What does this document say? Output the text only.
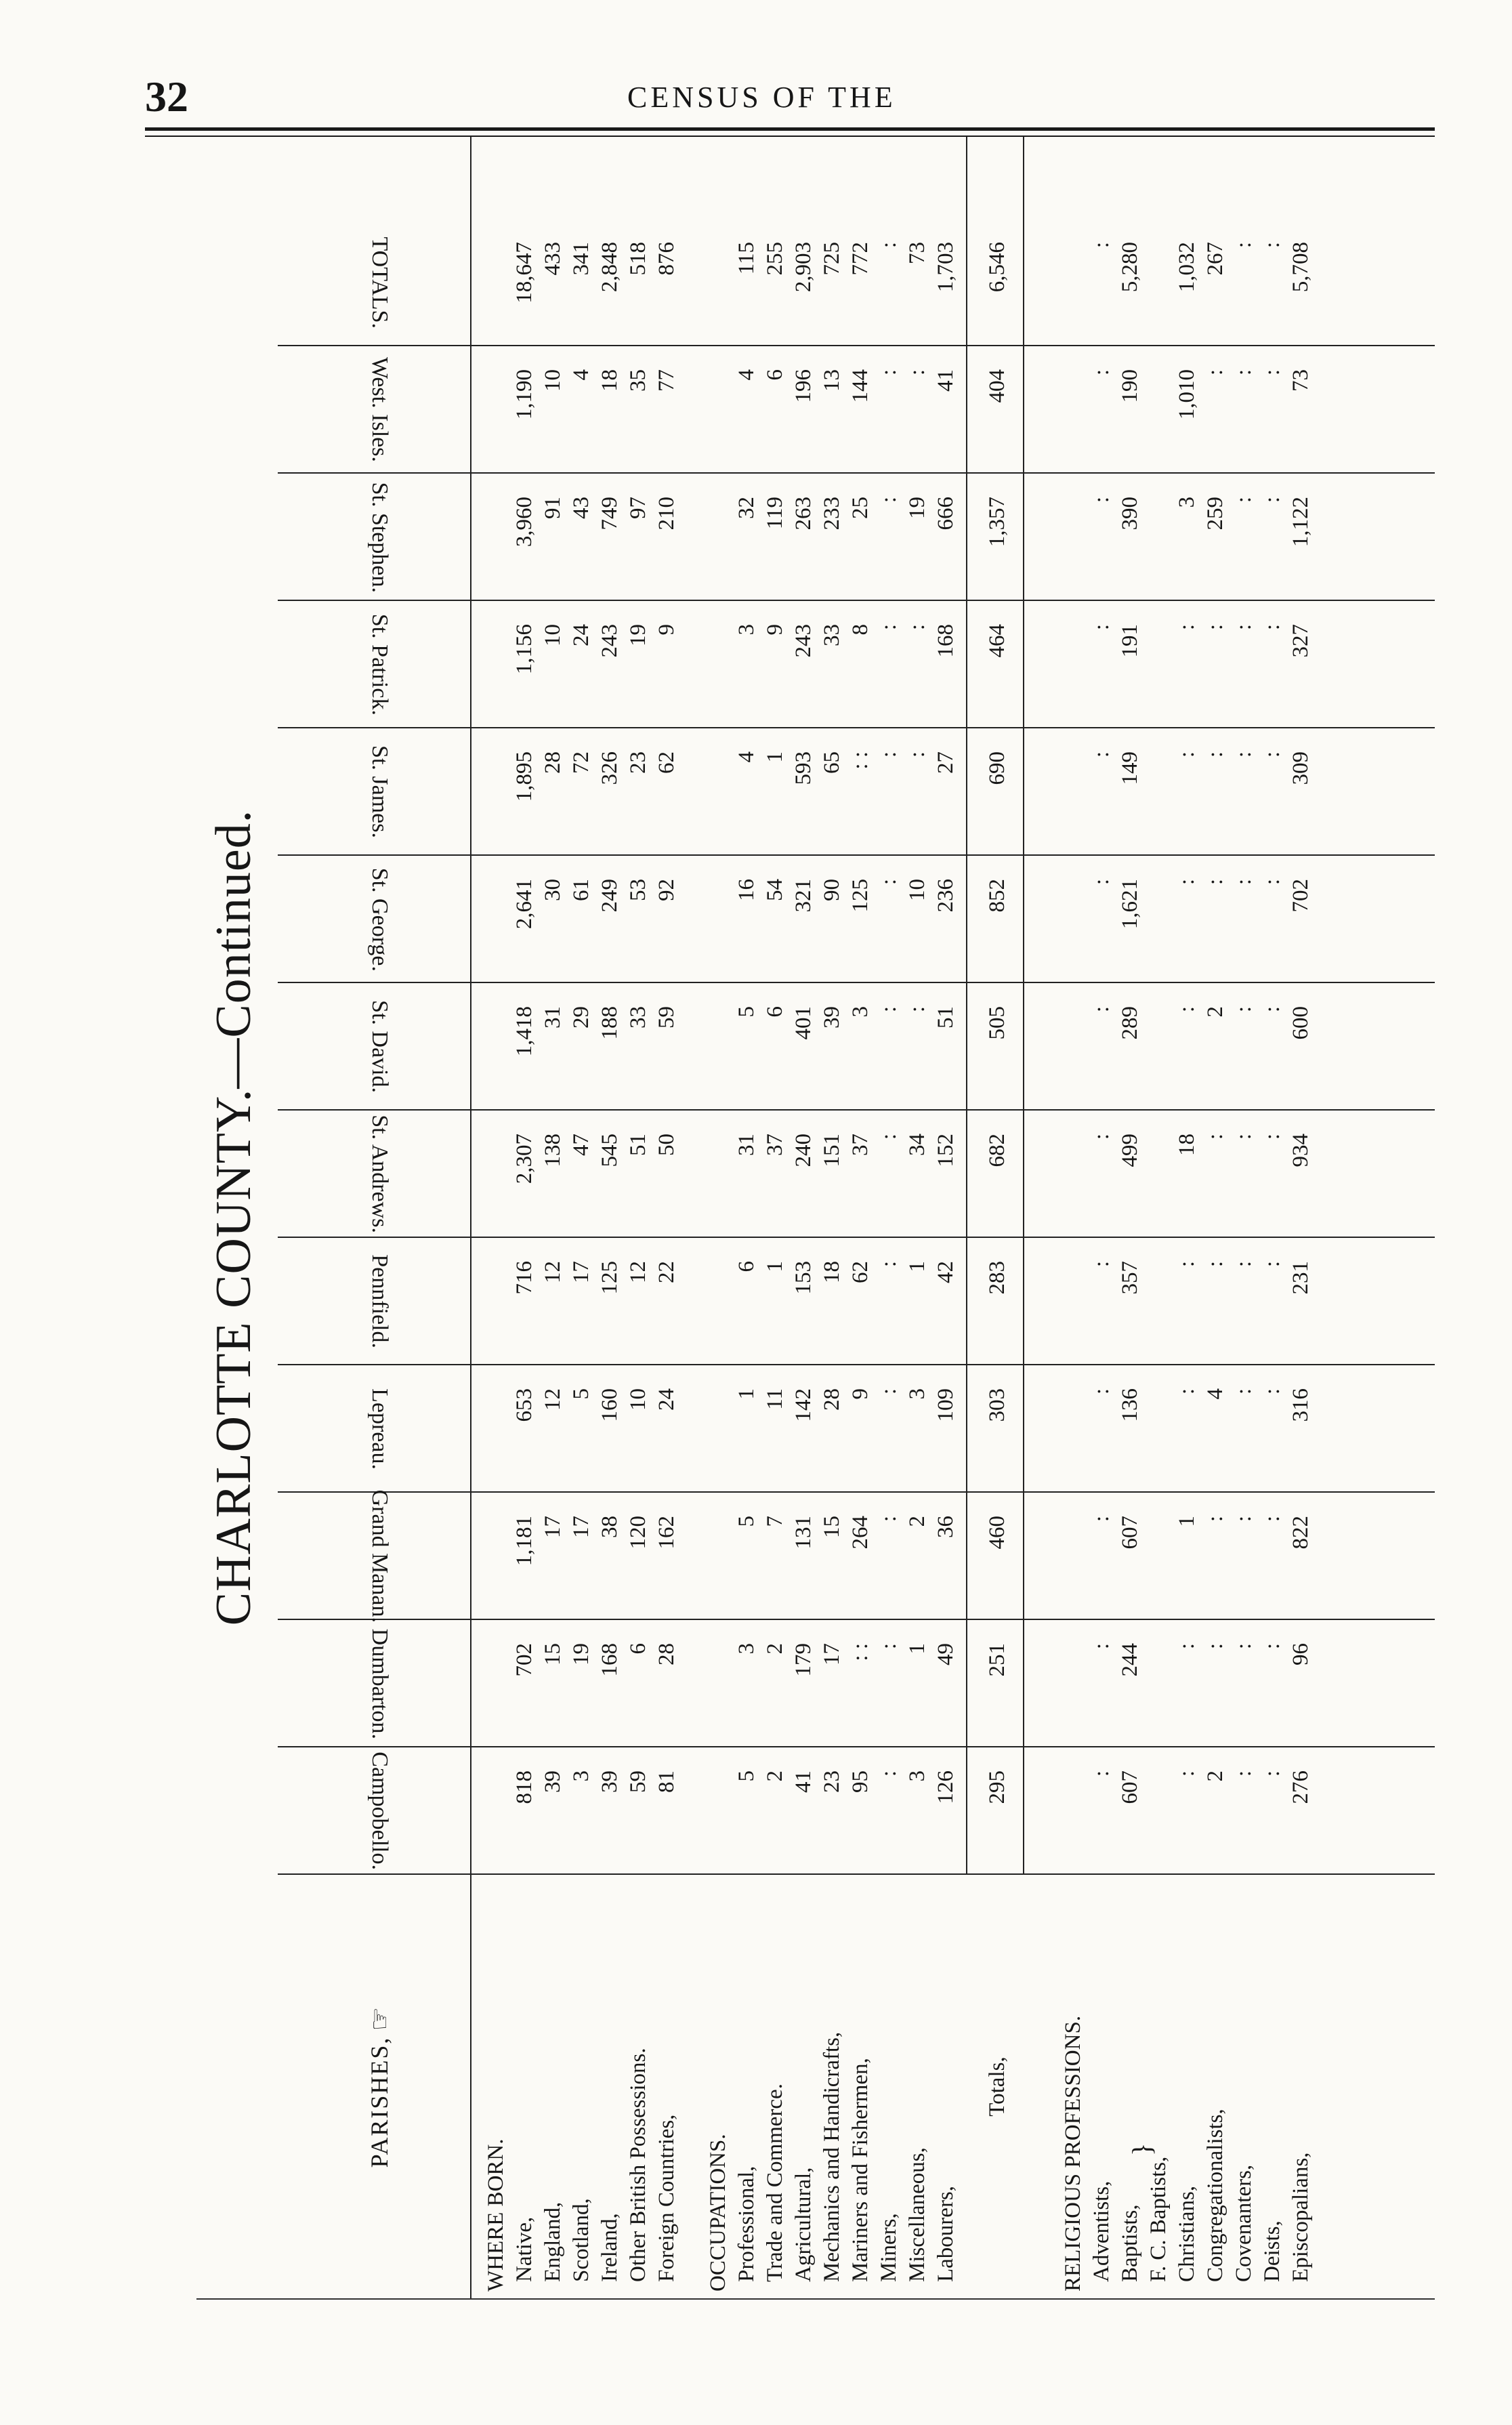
32	CENSUS OF THE
CHARLOTTE COUNTY.—Continued.
PARISHES,
☞
Campobello.
Dumbarton.
Grand Manan.
Lepreau.
Pennfield.
St. Andrews.
St. David.
St. George.
St. James.
St. Patrick.
St. Stephen.
West. Isles.
TOTALS.
WHERE BORN. Native,
818
702
1,181
653
716
2,307
1,418
2,641
1,895
1,156
3,960
1,190
18,647
England,
39
15
17
12
12
138
31
30
28
10
91
10
433
Scotland,
3
19
17
5
17
47
29
61
72
24
43
4
341
Ireland,
39
168
38
160
125
545
188
249
326
243
749
18
2,848
Other British Possessions.
59
6
120
10
12
51
33
53
23
19
97
35
518
Foreign Countries,
81
28
162
24
22
50
59
92
62
9
210
77
876
OCCUPATIONS. Professional,
5
3
5
1
6
31
5
16
4
3
32
4
115
Trade and Commerce.
2
2
7
11
1
37
6
54
1
9
119
6
255
Agricultural,
41
179
131
142
153
240
401
321
593
243
263
196
2,903
Mechanics and Handicrafts,
23
17
15
28
18
151
39
90
65
33
233
13
725
Mariners and Fishermen,
95
: :
264
9
62
37
3
125
: :
8
25
144
772
Miners,
:
:
:
:
:
:
:
:
:
:
:
:
:
Miscellaneous,
3
1
2
3
1
34
:
10
:
:
19
:
73
Labourers,
126
49
36
109
42
152
51
236
27
168
666
41
1,703
Totals,
295
251
460
303
283
682
505
852
690
464
1,357
404
6,546
RELIGIOUS PROFESSIONS. Adventists,
:
:
:
:
:
:
:
:
:
:
:
:
:
Baptists,
607
244
607
136
357
499
289
1,621
149
191
390
190
5,280
F. C. Baptists,
}
Christians,
:
:
1
:
:
18
:
:
:
:
3
1,010
1,032
Congregationalists,
2
:
:
4
:
:
2
:
:
:
259
:
267
Covenanters,
:
:
:
:
:
:
:
:
:
:
:
:
:
Deists,
:
:
:
:
:
:
:
:
:
:
:
:
:
Episcopalians,
276
96
822
316
231
934
600
702
309
327
1,122
73
5,708
